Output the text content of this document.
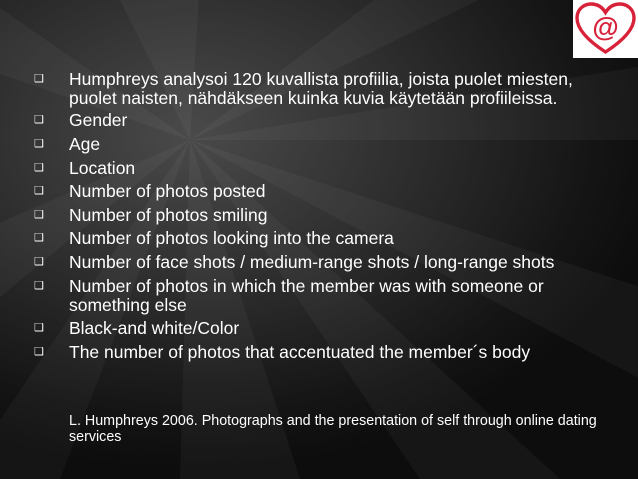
@
❑ Humphreys analysoi 120 kuvallista profiilia, joista puolet miesten, puolet naisten, nähdäkseen kuinka kuvia käytetään profiileissa.
❑ Gender
❑ Age
❑ Location
❑ Number of photos posted
❑ Number of photos smiling
❑ Number of photos looking into the camera
❑ Number of face shots / medium-range shots / long-range shots
❑ Number of photos in which the member was with someone or something else
❑ Black-and white/Color
❑ The number of photos that accentuated the member´s body
L. Humphreys 2006. Photographs and the presentation of self through online dating services
